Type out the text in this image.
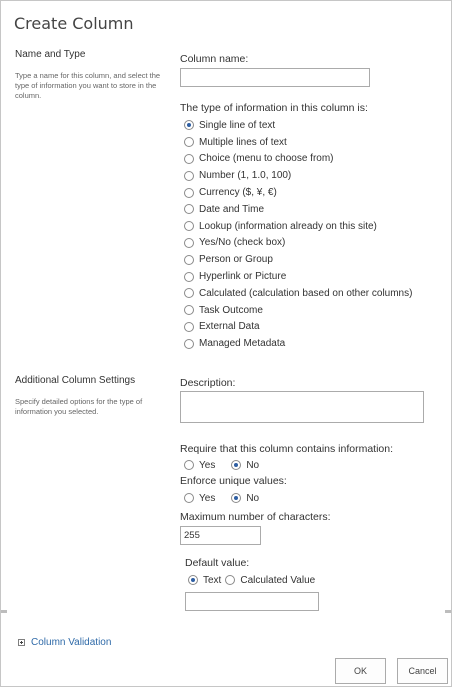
Create Column
Name and Type
Type a name for this column, and select the type of information you want to store in the column.
Column name:
The type of information in this column is:
Single line of text
Multiple lines of text
Choice (menu to choose from)
Number (1, 1.0, 100)
Currency ($, ¥, €)
Date and Time
Lookup (information already on this site)
Yes/No (check box)
Person or Group
Hyperlink or Picture
Calculated (calculation based on other columns)
Task Outcome
External Data
Managed Metadata
Additional Column Settings
Specify detailed options for the type of information you selected.
Description:
Require that this column contains information:
Yes	No
Enforce unique values:
Yes	No
Maximum number of characters:
255
Default value:
Text Calculated Value
Column Validation
OK	Cancel
